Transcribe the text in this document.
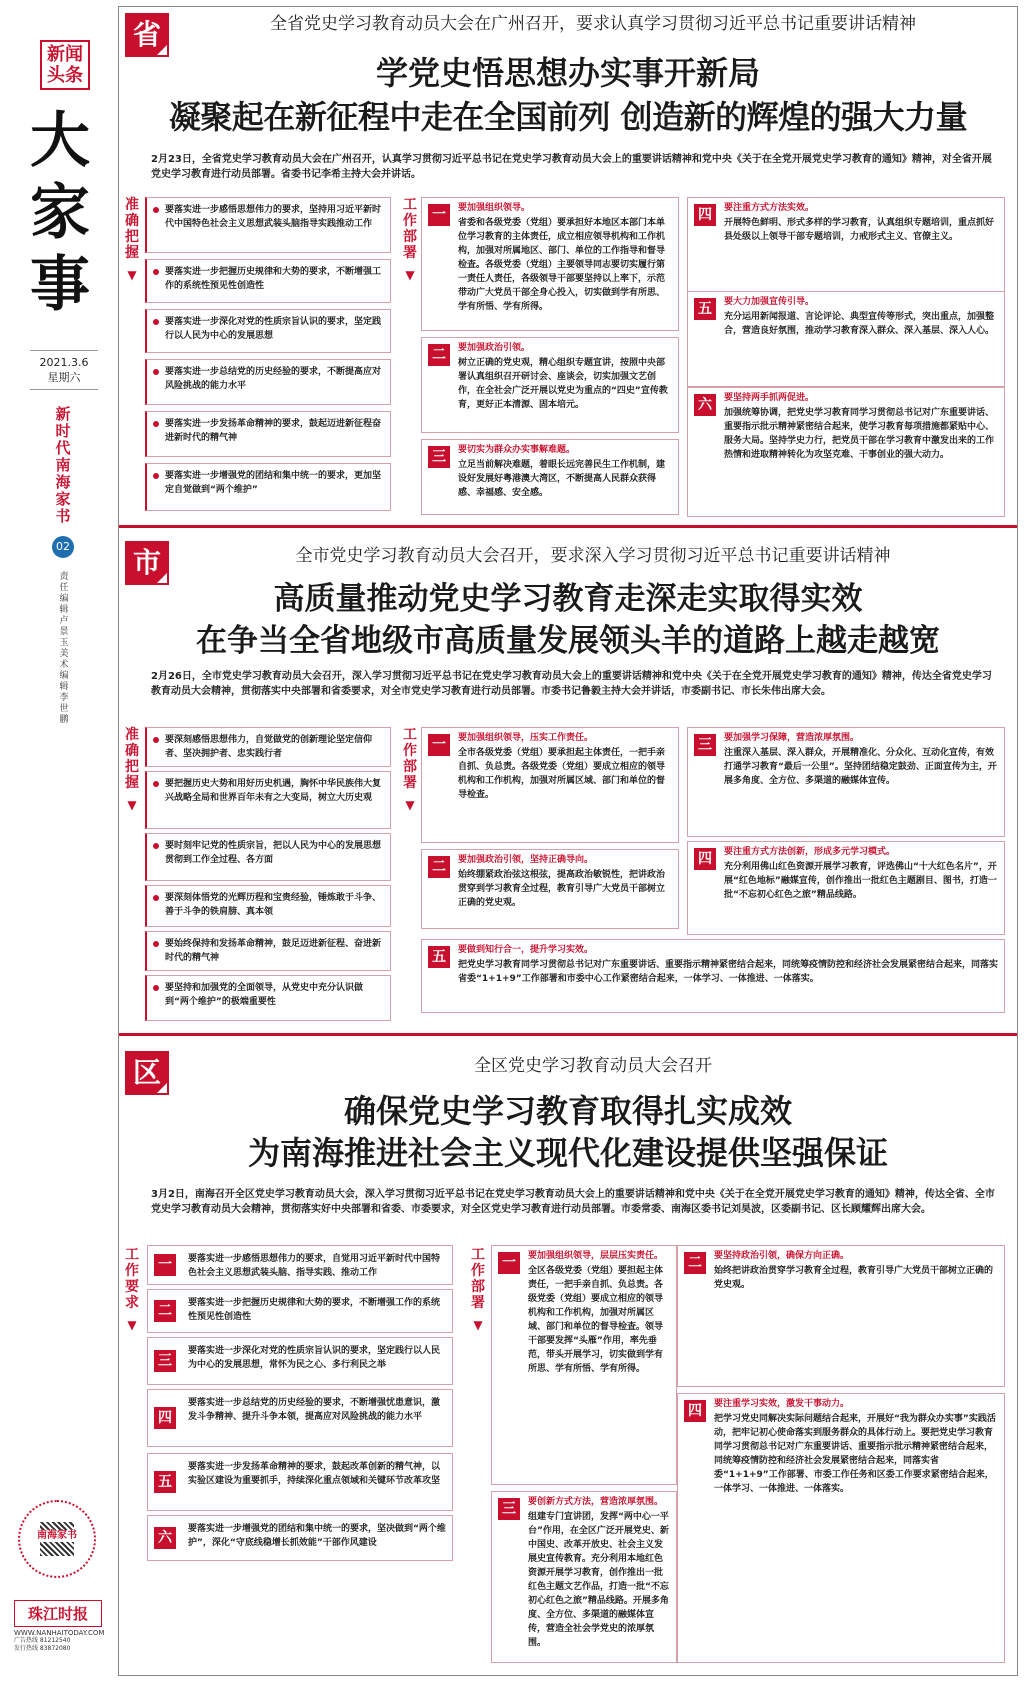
新闻头条
大家事
2021.3.6
星期六
新时代南海家书
02
责任编辑 卢景玉 美术编辑 李世鹏
南海家书
珠江时报
WWW.NANHAITODAY.COM
广告热线 81212540
发行热线 83872080
省	全省党史学习教育动员大会在广州召开，要求认真学习贯彻习近平总书记重要讲话精神
学党史悟思想办实事开新局
凝聚起在新征程中走在全国前列 创造新的辉煌的强大力量
2月23日，全省党史学习教育动员大会在广州召开，认真学习贯彻习近平总书记在党史学习教育动员大会上的重要讲话精神和党中央《关于在全党开展党史学习教育的通知》精神，对全省开展党史学习教育进行动员部署。省委书记李希主持大会并讲话。
准确把握
▼
要落实进一步感悟思想伟力的要求，坚持用习近平新时代中国特色社会主义思想武装头脑指导实践推动工作
要落实进一步把握历史规律和大势的要求，不断增强工作的系统性预见性创造性
要落实进一步深化对党的性质宗旨认识的要求，坚定践行以人民为中心的发展思想
要落实进一步总结党的历史经验的要求，不断提高应对风险挑战的能力水平
要落实进一步发扬革命精神的要求，鼓起迈进新征程奋进新时代的精气神
要落实进一步增强党的团结和集中统一的要求，更加坚定自觉做到“两个维护”
工作部署
▼
一	要加强组织领导。
省委和各级党委（党组）要承担好本地区本部门本单位学习教育的主体责任，成立相应领导机构和工作机构，加强对所属地区、部门、单位的工作指导和督导检查。各级党委（党组）主要领导同志要切实履行第一责任人责任，各级领导干部要坚持以上率下，示范带动广大党员干部全身心投入，切实做到学有所思、学有所悟、学有所得。
二	要加强政治引领。
树立正确的党史观，精心组织专题宣讲，按照中央部署认真组织召开研讨会、座谈会，切实加强文艺创作，在全社会广泛开展以党史为重点的“四史”宣传教育，更好正本清源、固本培元。
三	要切实为群众办实事解难题。
立足当前解决难题，着眼长远完善民生工作机制，建设好发展好粤港澳大湾区，不断提高人民群众获得感、幸福感、安全感。
四	要注重方式方法实效。
开展特色鲜明、形式多样的学习教育，认真组织专题培训，重点抓好县处级以上领导干部专题培训，力戒形式主义、官僚主义。
五	要大力加强宣传引导。
充分运用新闻报道、言论评论、典型宣传等形式，突出重点，加强整合，营造良好氛围，推动学习教育深入群众、深入基层、深入人心。
六	要坚持两手抓两促进。
加强统筹协调，把党史学习教育同学习贯彻总书记对广东重要讲话、重要指示批示精神紧密结合起来，使学习教育每项措施都紧贴中心、服务大局。坚持学史力行，把党员干部在学习教育中激发出来的工作热情和进取精神转化为攻坚克难、干事创业的强大动力。
市	全市党史学习教育动员大会召开，要求深入学习贯彻习近平总书记重要讲话精神
高质量推动党史学习教育走深走实取得实效
在争当全省地级市高质量发展领头羊的道路上越走越宽
2月26日，全市党史学习教育动员大会召开，深入学习贯彻习近平总书记在党史学习教育动员大会上的重要讲话精神和党中央《关于在全党开展党史学习教育的通知》精神，传达全省党史学习教育动员大会精神，贯彻落实中央部署和省委要求，对全市党史学习教育进行动员部署。市委书记鲁毅主持大会并讲话，市委副书记、市长朱伟出席大会。
准确把握
▼
要深刻感悟思想伟力，自觉做党的创新理论坚定信仰者、坚决拥护者、忠实践行者
要把握历史大势和用好历史机遇，胸怀中华民族伟大复兴战略全局和世界百年未有之大变局，树立大历史观
要时刻牢记党的性质宗旨，把以人民为中心的发展思想贯彻到工作全过程、各方面
要深刻体悟党的光辉历程和宝贵经验，锤炼敢于斗争、善于斗争的铁肩膀、真本领
要始终保持和发扬革命精神，鼓足迈进新征程、奋进新时代的精气神
要坚持和加强党的全面领导，从党史中充分认识做到“两个维护”的极端重要性
工作部署
▼
一	要加强组织领导，压实工作责任。
全市各级党委（党组）要承担起主体责任，一把手亲自抓、负总责。各级党委（党组）要成立相应的领导机构和工作机构，加强对所属区域、部门和单位的督导检查。
二	要加强政治引领，坚持正确导向。
始终绷紧政治弦这根弦，提高政治敏锐性，把讲政治贯穿到学习教育全过程，教育引导广大党员干部树立正确的党史观。
三	要加强学习保障，营造浓厚氛围。
注重深入基层、深入群众，开展精准化、分众化、互动化宣传，有效打通学习教育“最后一公里”。坚持团结稳定鼓劲、正面宣传为主，开展多角度、全方位、多渠道的融媒体宣传。
四	要注重方式方法创新，形成多元学习模式。
充分利用佛山红色资源开展学习教育，评选佛山“十大红色名片”，开展“红色地标”融媒宣传，创作推出一批红色主题剧目、图书，打造一批“不忘初心红色之旅”精品线路。
五	要做到知行合一，提升学习实效。
把党史学习教育同学习贯彻总书记对广东重要讲话、重要指示精神紧密结合起来，同统筹疫情防控和经济社会发展紧密结合起来，同落实省委“1+1+9”工作部署和市委中心工作紧密结合起来，一体学习、一体推进、一体落实。
区	全区党史学习教育动员大会召开
确保党史学习教育取得扎实成效
为南海推进社会主义现代化建设提供坚强保证
3月2日，南海召开全区党史学习教育动员大会，深入学习贯彻习近平总书记在党史学习教育动员大会上的重要讲话精神和党中央《关于在全党开展党史学习教育的通知》精神，传达全省、全市党史学习教育动员大会精神，贯彻落实好中央部署和省委、市委要求，对全区党史学习教育进行动员部署。市委常委、南海区委书记刘昊波，区委副书记、区长顾耀辉出席大会。
工作要求
▼
一	要落实进一步感悟思想伟力的要求，自觉用习近平新时代中国特色社会主义思想武装头脑、指导实践、推动工作
二	要落实进一步把握历史规律和大势的要求，不断增强工作的系统性预见性创造性
三
要落实进一步深化对党的性质宗旨认识的要求，坚定践行以人民为中心的发展思想，常怀为民之心、多行利民之举
四
要落实进一步总结党的历史经验的要求，不断增强忧患意识，激发斗争精神、提升斗争本领，提高应对风险挑战的能力水平
五
要落实进一步发扬革命精神的要求，鼓起改革创新的精气神，以实验区建设为重要抓手，持续深化重点领域和关键环节改革攻坚
六
要落实进一步增强党的团结和集中统一的要求，坚决做到“两个维护”，深化“守底线稳增长抓效能”干部作风建设
工作部署
▼
一	要加强组织领导，层层压实责任。
全区各级党委（党组）要担起主体责任，一把手亲自抓、负总责。各级党委（党组）要成立相应的领导机构和工作机构，加强对所属区域、部门和单位的督导检查。领导干部要发挥“头雁”作用，率先垂范，带头开展学习，切实做到学有所思、学有所悟、学有所得。
二	要坚持政治引领，确保方向正确。
始终把讲政治贯穿学习教育全过程，教育引导广大党员干部树立正确的党史观。
三	要创新方式方法，营造浓厚氛围。
组建专门宣讲团，发挥“两中心一平台”作用，在全区广泛开展党史、新中国史、改革开放史、社会主义发展史宣传教育。充分利用本地红色资源开展学习教育，创作推出一批红色主题文艺作品，打造一批“不忘初心红色之旅”精品线路。开展多角度、全方位、多渠道的融媒体宣传，营造全社会学党史的浓厚氛围。
四	要注重学习实效，激发干事动力。
把学习党史同解决实际问题结合起来，开展好“我为群众办实事”实践活动，把牢记初心使命落实到服务群众的具体行动上。要把党史学习教育同学习贯彻总书记对广东重要讲话、重要指示批示精神紧密结合起来，同统筹疫情防控和经济社会发展紧密结合起来，同落实省委“1+1+9”工作部署、市委工作任务和区委工作要求紧密结合起来，一体学习、一体推进、一体落实。
